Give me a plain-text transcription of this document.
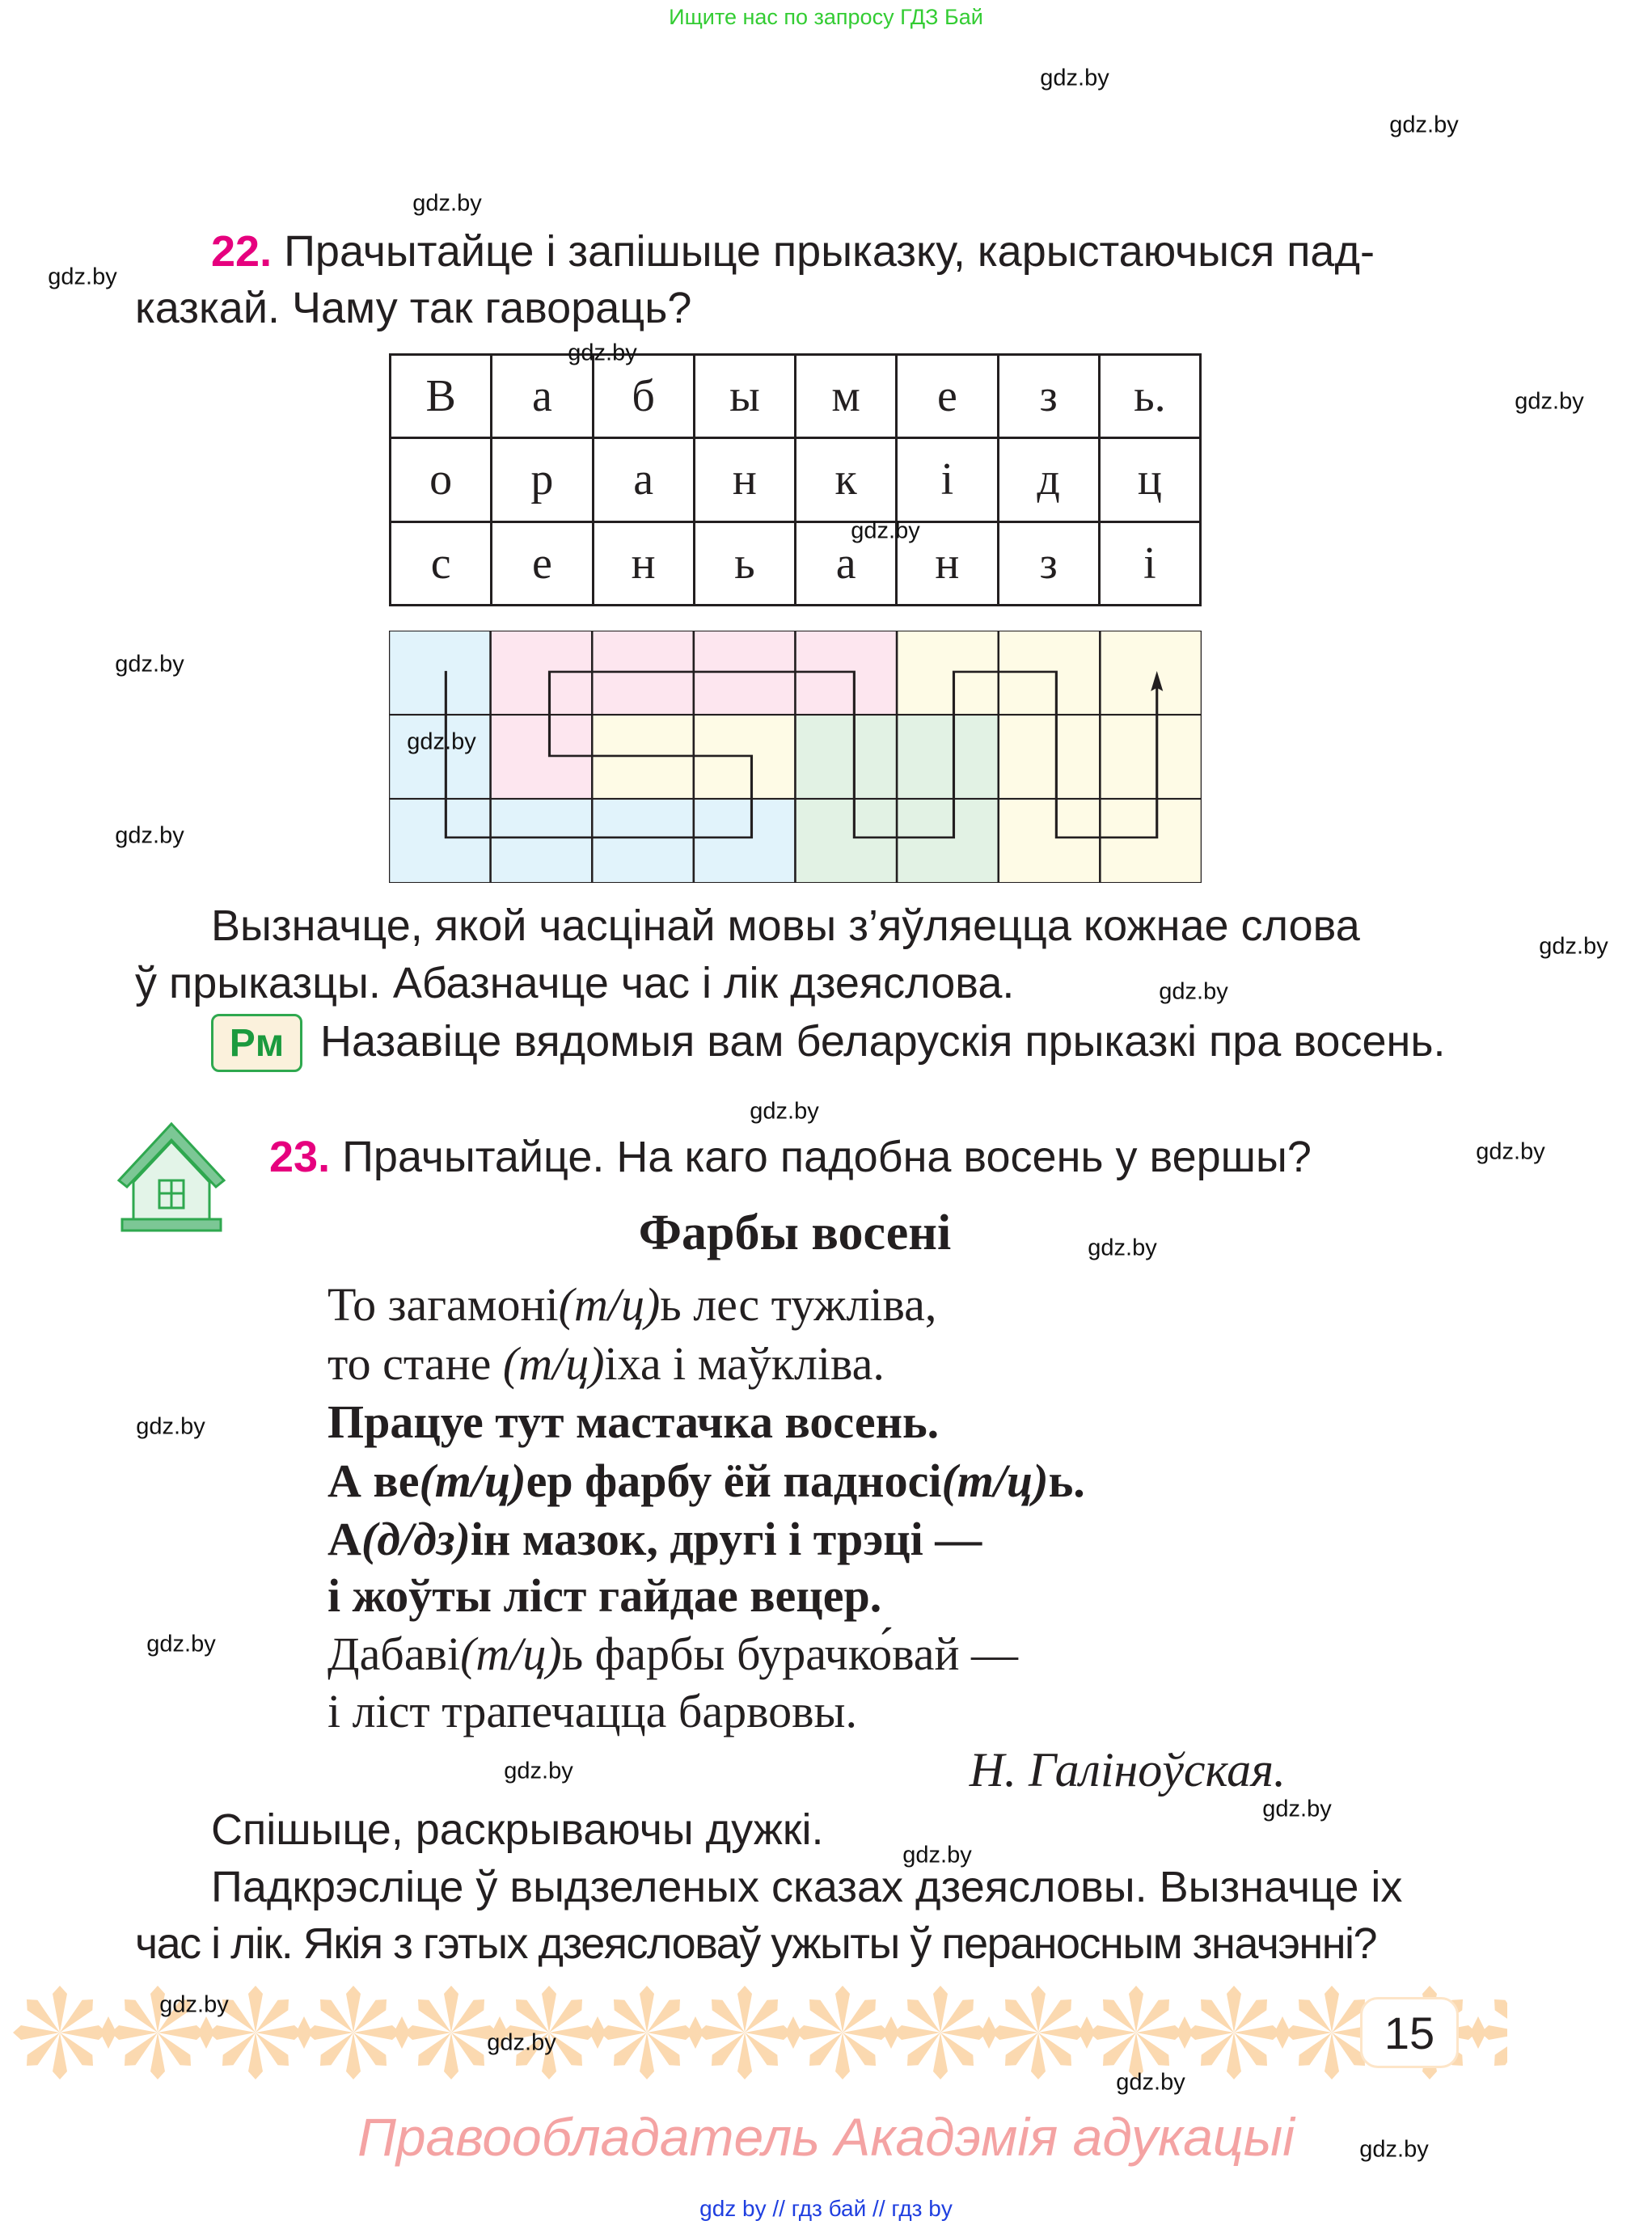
Ищите нас по запросу ГДЗ Бай
22. Прачытайце і запішыце прыказку, карыстаючыся пад-
казкай. Чаму так гавораць?
В	а	б	ы	м	е	з	ь.
о	р	а	н	к	і	д	ц
с	е	н	ь	а	н	з	і
Вызначце, якой часцінай мовы з’яўляецца кожнае слова
ў прыказцы. Абазначце час і лік дзеяслова.
Рм Назавіце вядомыя вам беларускія прыказкі пра восень.
23. Прачытайце. На каго падобна восень у вершы?
Фарбы восені
То загамоні(т/ц)ь лес тужліва,
то стане (т/ц)іха і маўкліва.
Працуе тут мастачка восень.
А ве(т/ц)ер фарбу ёй падносі(т/ц)ь.
А(д/дз)ін мазок, другі і трэці —
і жоўты ліст гайдае вецер.
Дабаві(т/ц)ь фарбы бурачко́вай —
і ліст трапечацца барвовы.
Н. Галіноўская.
Спішыце, раскрываючы дужкі.
Падкрэсліце ў выдзеленых сказах дзеясловы. Вызначце іх
час і лік. Якія з гэтых дзеясловаў ужыты ў пераносным значэнні?
15
Правообладатель Акадэмія адукацыі
gdz by // гдз бай // гдз by
gdz.by
gdz.by
gdz.by
gdz.by
gdz.by
gdz.by
gdz.by
gdz.by
gdz.by
gdz.by
gdz.by
gdz.by
gdz.by
gdz.by
gdz.by
gdz.by
gdz.by
gdz.by
gdz.by
gdz.by
gdz.by
gdz.by
gdz.by
gdz.by
